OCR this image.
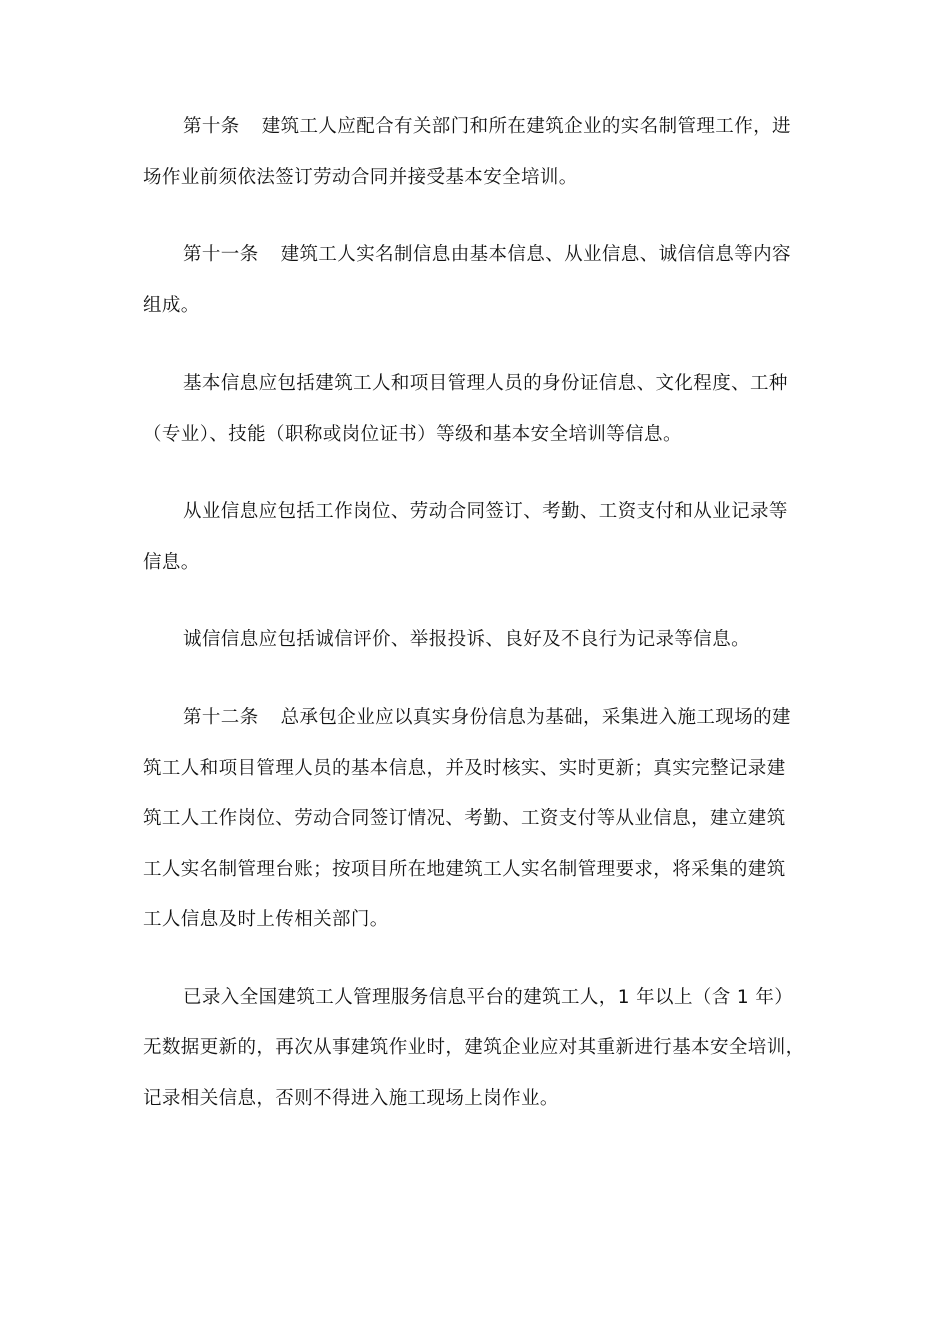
第十条 建筑工人应配合有关部门和所在建筑企业的实名制管理工作，进
场作业前须依法签订劳动合同并接受基本安全培训。
第十一条 建筑工人实名制信息由基本信息、从业信息、诚信信息等内容
组成。
基本信息应包括建筑工人和项目管理人员的身份证信息、文化程度、工种
（专业）、技能（职称或岗位证书）等级和基本安全培训等信息。
从业信息应包括工作岗位、劳动合同签订、考勤、工资支付和从业记录等
信息。
诚信信息应包括诚信评价、举报投诉、良好及不良行为记录等信息。
第十二条 总承包企业应以真实身份信息为基础，采集进入施工现场的建
筑工人和项目管理人员的基本信息，并及时核实、实时更新；真实完整记录建
筑工人工作岗位、劳动合同签订情况、考勤、工资支付等从业信息，建立建筑
工人实名制管理台账；按项目所在地建筑工人实名制管理要求，将采集的建筑
工人信息及时上传相关部门。
已录入全国建筑工人管理服务信息平台的建筑工人，1 年以上（含 1 年）
无数据更新的，再次从事建筑作业时，建筑企业应对其重新进行基本安全培训，
记录相关信息，否则不得进入施工现场上岗作业。
